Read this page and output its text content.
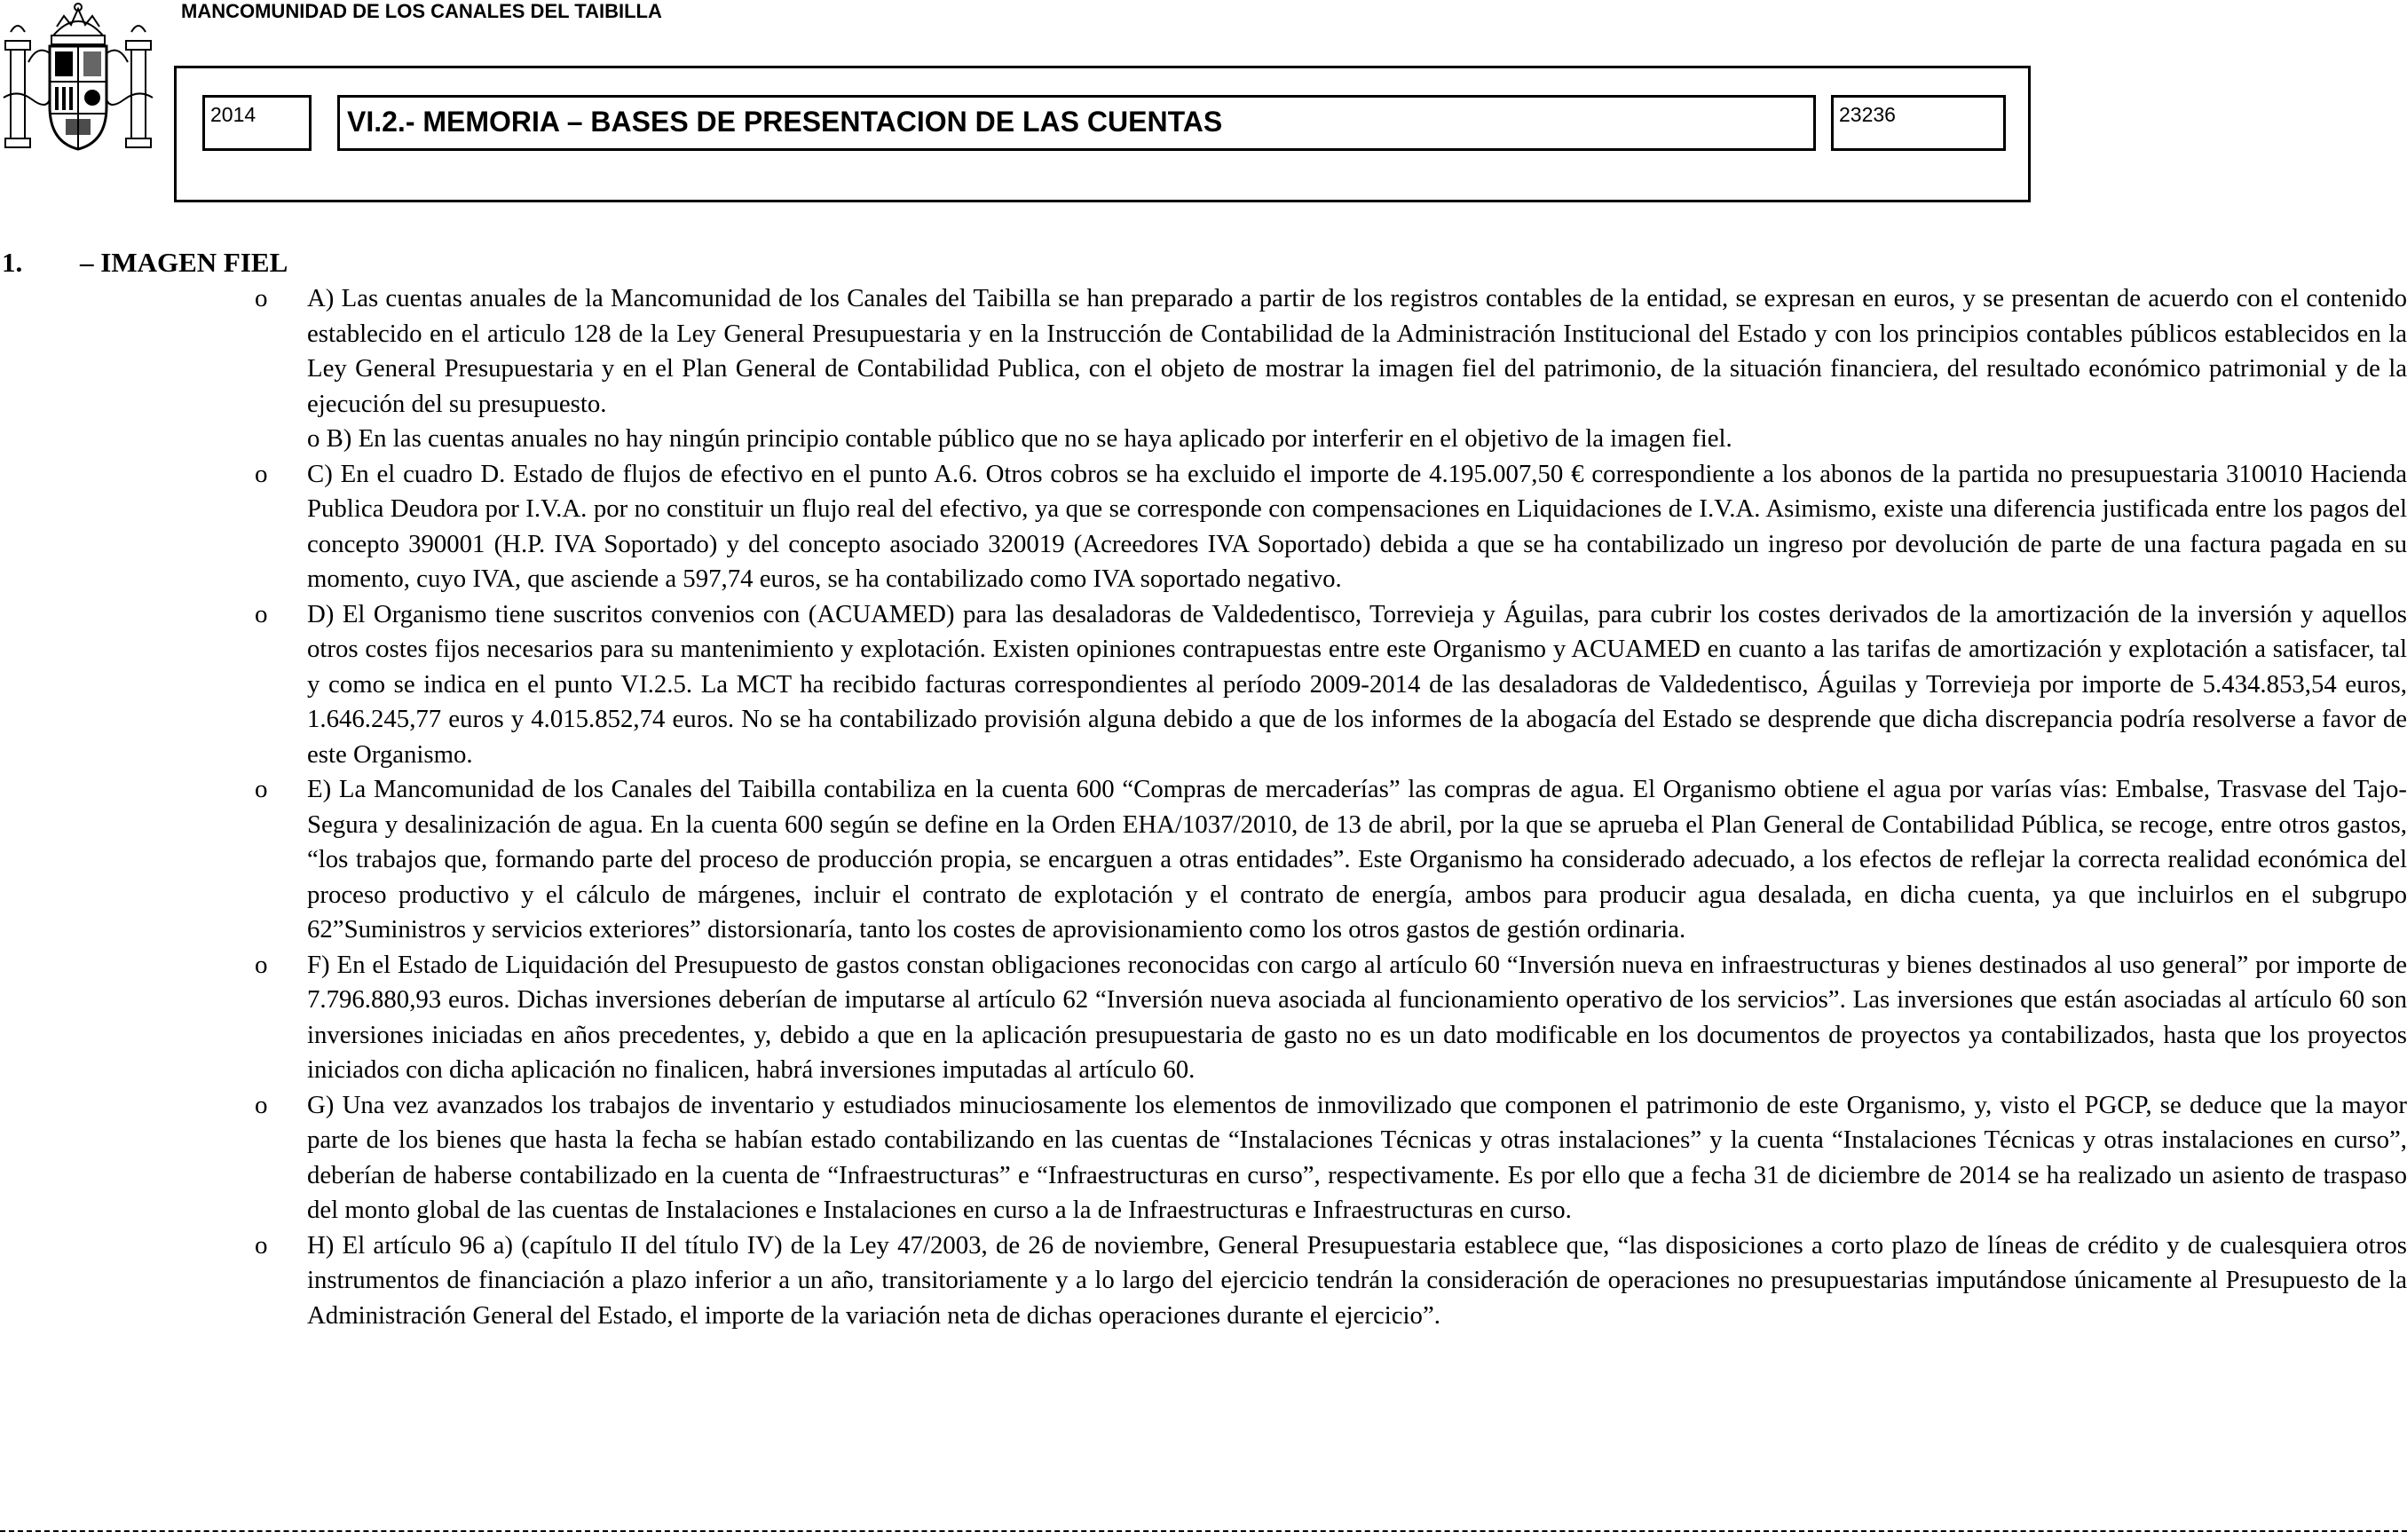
MANCOMUNIDAD DE LOS CANALES DEL TAIBILLA
2014	VI.2.- MEMORIA – BASES DE PRESENTACION DE LAS CUENTAS	23236
1. – IMAGEN FIEL
o A) Las cuentas anuales de la Mancomunidad de los Canales del Taibilla se han preparado a partir de los registros contables de la entidad, se expresan en euros, y se presentan de acuerdo con el contenido establecido en el articulo 128 de la Ley General Presupuestaria y en la Instrucción de Contabilidad de la Administración Institucional del Estado y con los principios contables públicos establecidos en la Ley General Presupuestaria y en el Plan General de Contabilidad Publica, con el objeto de mostrar la imagen fiel del patrimonio, de la situación financiera, del resultado económico patrimonial y de la ejecución del su presupuesto.
o B) En las cuentas anuales no hay ningún principio contable público que no se haya aplicado por interferir en el objetivo de la imagen fiel.
o C) En el cuadro D. Estado de flujos de efectivo en el punto A.6. Otros cobros se ha excluido el importe de 4.195.007,50 € correspondiente a los abonos de la partida no presupuestaria 310010 Hacienda Publica Deudora por I.V.A. por no constituir un flujo real del efectivo, ya que se corresponde con compensaciones en Liquidaciones de I.V.A. Asimismo, existe una diferencia justificada entre los pagos del concepto 390001 (H.P. IVA Soportado) y del concepto asociado 320019 (Acreedores IVA Soportado) debida a que se ha contabilizado un ingreso por devolución de parte de una factura pagada en su momento, cuyo IVA, que asciende a 597,74 euros, se ha contabilizado como IVA soportado negativo.
o D) El Organismo tiene suscritos convenios con (ACUAMED) para las desaladoras de Valdedentisco, Torrevieja y Águilas, para cubrir los costes derivados de la amortización de la inversión y aquellos otros costes fijos necesarios para su mantenimiento y explotación. Existen opiniones contrapuestas entre este Organismo y ACUAMED en cuanto a las tarifas de amortización y explotación a satisfacer, tal y como se indica en el punto VI.2.5. La MCT ha recibido facturas correspondientes al período 2009-2014 de las desaladoras de Valdedentisco, Águilas y Torrevieja por importe de 5.434.853,54 euros, 1.646.245,77 euros y 4.015.852,74 euros. No se ha contabilizado provisión alguna debido a que de los informes de la abogacía del Estado se desprende que dicha discrepancia podría resolverse a favor de este Organismo.
o E) La Mancomunidad de los Canales del Taibilla contabiliza en la cuenta 600 “Compras de mercaderías” las compras de agua. El Organismo obtiene el agua por varías vías: Embalse, Trasvase del Tajo-Segura y desalinización de agua. En la cuenta 600 según se define en la Orden EHA/1037/2010, de 13 de abril, por la que se aprueba el Plan General de Contabilidad Pública, se recoge, entre otros gastos, “los trabajos que, formando parte del proceso de producción propia, se encarguen a otras entidades”. Este Organismo ha considerado adecuado, a los efectos de reflejar la correcta realidad económica del proceso productivo y el cálculo de márgenes, incluir el contrato de explotación y el contrato de energía, ambos para producir agua desalada, en dicha cuenta, ya que incluirlos en el subgrupo 62”Suministros y servicios exteriores” distorsionaría, tanto los costes de aprovisionamiento como los otros gastos de gestión ordinaria.
o F) En el Estado de Liquidación del Presupuesto de gastos constan obligaciones reconocidas con cargo al artículo 60 “Inversión nueva en infraestructuras y bienes destinados al uso general” por importe de 7.796.880,93 euros. Dichas inversiones deberían de imputarse al artículo 62 “Inversión nueva asociada al funcionamiento operativo de los servicios”. Las inversiones que están asociadas al artículo 60 son inversiones iniciadas en años precedentes, y, debido a que en la aplicación presupuestaria de gasto no es un dato modificable en los documentos de proyectos ya contabilizados, hasta que los proyectos iniciados con dicha aplicación no finalicen, habrá inversiones imputadas al artículo 60.
o G) Una vez avanzados los trabajos de inventario y estudiados minuciosamente los elementos de inmovilizado que componen el patrimonio de este Organismo, y, visto el PGCP, se deduce que la mayor parte de los bienes que hasta la fecha se habían estado contabilizando en las cuentas de “Instalaciones Técnicas y otras instalaciones” y la cuenta “Instalaciones Técnicas y otras instalaciones en curso”, deberían de haberse contabilizado en la cuenta de “Infraestructuras” e “Infraestructuras en curso”, respectivamente. Es por ello que a fecha 31 de diciembre de 2014 se ha realizado un asiento de traspaso del monto global de las cuentas de Instalaciones e Instalaciones en curso a la de Infraestructuras e Infraestructuras en curso.
o H) El artículo 96 a) (capítulo II del título IV) de la Ley 47/2003, de 26 de noviembre, General Presupuestaria establece que, “las disposiciones a corto plazo de líneas de crédito y de cualesquiera otros instrumentos de financiación a plazo inferior a un año, transitoriamente y a lo largo del ejercicio tendrán la consideración de operaciones no presupuestarias imputándose únicamente al Presupuesto de la Administración General del Estado, el importe de la variación neta de dichas operaciones durante el ejercicio”.
